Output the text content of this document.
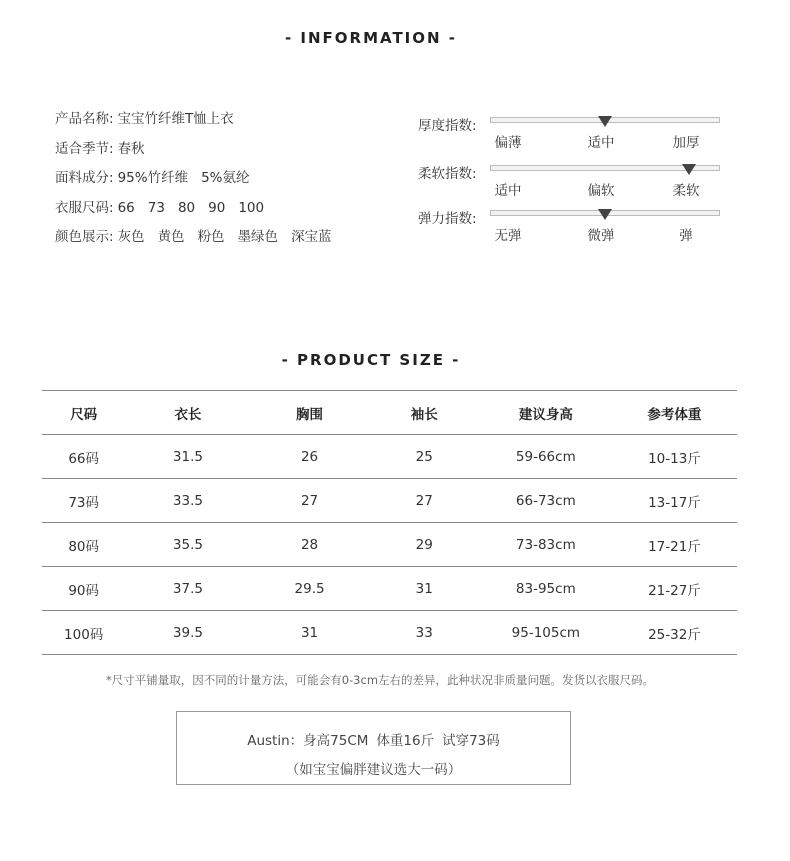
- INFORMATION -
产品名称: 宝宝竹纤维T恤上衣
适合季节: 春秋
面料成分: 95%竹纤维 5%氨纶
衣服尺码: 66 73 80 90 100
颜色展示: 灰色 黄色 粉色 墨绿色 深宝蓝
厚度指数:
偏薄	适中	加厚
柔软指数:
适中	偏软	柔软
弹力指数:
无弹	微弹	弹
- PRODUCT SIZE -
尺码	衣长	胸围	袖长	建议身高	参考体重
66码	31.5	26	25	59-66cm	10-13斤
73码	33.5	27	27	66-73cm	13-17斤
80码	35.5	28	29	73-83cm	17-21斤
90码	37.5	29.5	31	83-95cm	21-27斤
100码	39.5	31	33	95-105cm	25-32斤
*尺寸平铺量取，因不同的计量方法，可能会有0-3cm左右的差异，此种状况非质量问题。发货以衣服尺码。
Austin：身高75CM 体重16斤 试穿73码
（如宝宝偏胖建议选大一码）
